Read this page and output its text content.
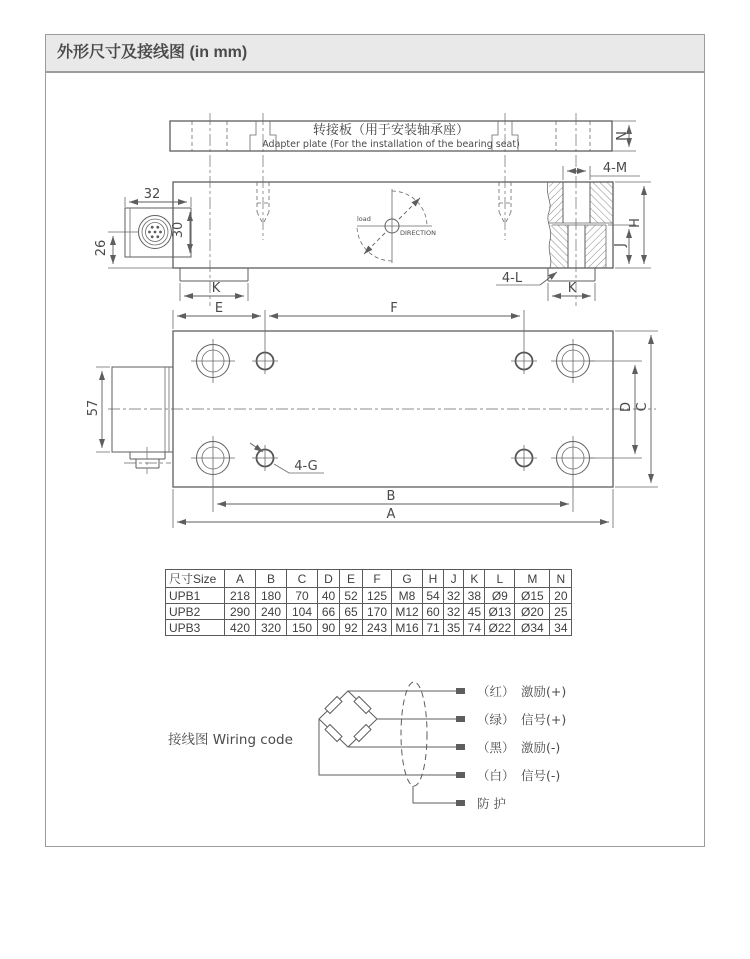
外形尺寸及接线图 (in mm)
转接板（用于安装轴承座）
Adapter plate (For the installation of the bearing seat)
N
32
30
26
K
load
DIRECTION
4-M
H
J
K
4-L
57
E	F
B
A
D C
4-G
接线图 Wiring code
（红） 激励(+)
（绿） 信号(+)
（黑） 激励(-)
（白） 信号(-)
防 护
尺寸Size	A	B	C	D	E	F	G	H	J	K	L	M	N
UPB1	218	180	70	40	52	125	M8	54	32	38	Ø9	Ø15	20
UPB2	290	240	104	66	65	170	M12	60	32	45	Ø13	Ø20	25
UPB3	420	320	150	90	92	243	M16	71	35	74	Ø22	Ø34	34
